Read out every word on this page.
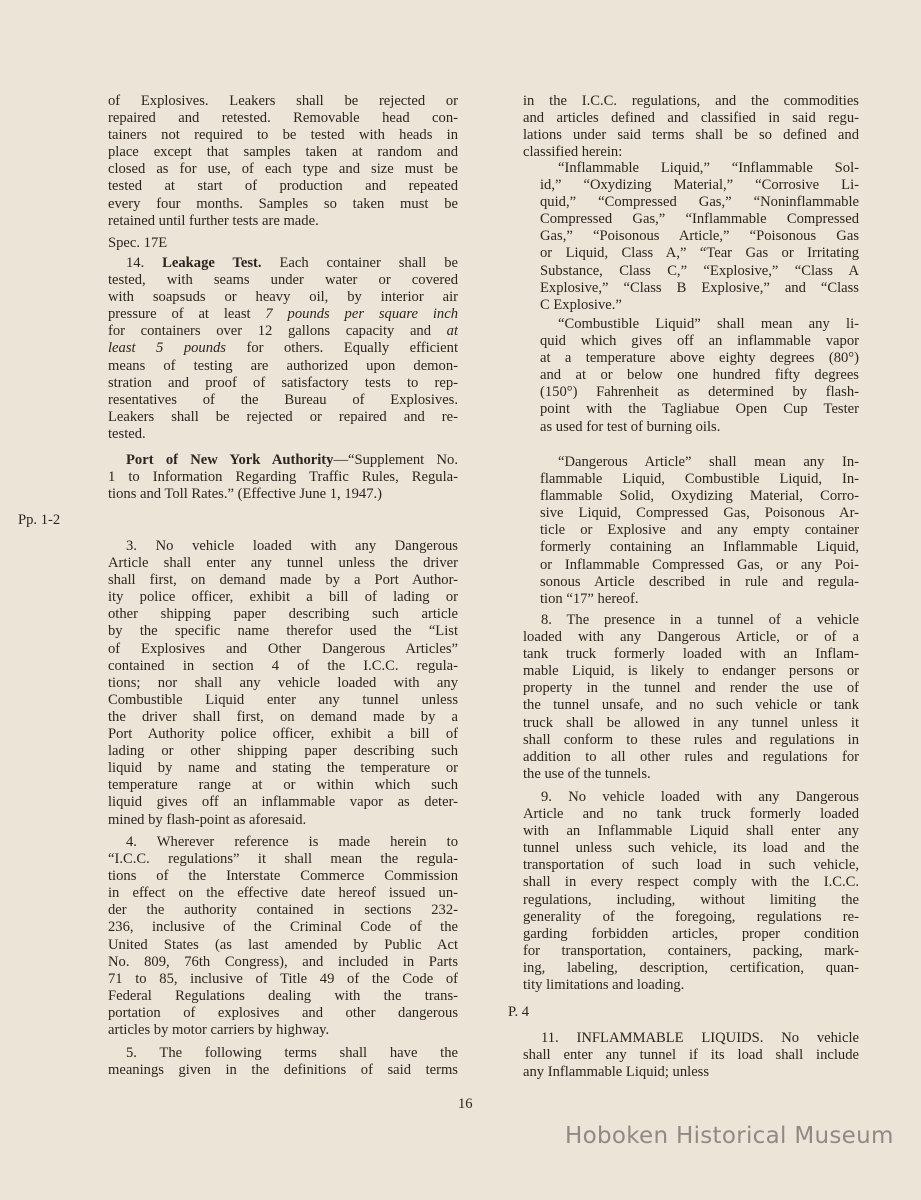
of Explosives. Leakers shall be rejected or
repaired and retested. Removable head con-
tainers not required to be tested with heads in
place except that samples taken at random and
closed as for use, of each type and size must be
tested at start of production and repeated
every four months. Samples so taken must be
retained until further tests are made.
Spec. 17E
14. Leakage Test. Each container shall be
tested, with seams under water or covered
with soapsuds or heavy oil, by interior air
pressure of at least 7 pounds per square inch
for containers over 12 gallons capacity and at
least 5 pounds for others. Equally efficient
means of testing are authorized upon demon-
stration and proof of satisfactory tests to rep-
resentatives of the Bureau of Explosives.
Leakers shall be rejected or repaired and re-
tested.
Port of New York Authority—“Supplement No.
1 to Information Regarding Traffic Rules, Regula-
tions and Toll Rates.” (Effective June 1, 1947.)
Pp. 1-2
3. No vehicle loaded with any Dangerous
Article shall enter any tunnel unless the driver
shall first, on demand made by a Port Author-
ity police officer, exhibit a bill of lading or
other shipping paper describing such article
by the specific name therefor used the “List
of Explosives and Other Dangerous Articles”
contained in section 4 of the I.C.C. regula-
tions; nor shall any vehicle loaded with any
Combustible Liquid enter any tunnel unless
the driver shall first, on demand made by a
Port Authority police officer, exhibit a bill of
lading or other shipping paper describing such
liquid by name and stating the temperature or
temperature range at or within which such
liquid gives off an inflammable vapor as deter-
mined by flash-point as aforesaid.
4. Wherever reference is made herein to
“I.C.C. regulations” it shall mean the regula-
tions of the Interstate Commerce Commission
in effect on the effective date hereof issued un-
der the authority contained in sections 232-
236, inclusive of the Criminal Code of the
United States (as last amended by Public Act
No. 809, 76th Congress), and included in Parts
71 to 85, inclusive of Title 49 of the Code of
Federal Regulations dealing with the trans-
portation of explosives and other dangerous
articles by motor carriers by highway.
5. The following terms shall have the
meanings given in the definitions of said terms
in the I.C.C. regulations, and the commodities
and articles defined and classified in said regu-
lations under said terms shall be so defined and
classified herein:
“Inflammable Liquid,” “Inflammable Sol-
id,” “Oxydizing Material,” “Corrosive Li-
quid,” “Compressed Gas,” “Noninflammable
Compressed Gas,” “Inflammable Compressed
Gas,” “Poisonous Article,” “Poisonous Gas
or Liquid, Class A,” “Tear Gas or Irritating
Substance, Class C,” “Explosive,” “Class A
Explosive,” “Class B Explosive,” and “Class
C Explosive.”
“Combustible Liquid” shall mean any li-
quid which gives off an inflammable vapor
at a temperature above eighty degrees (80°)
and at or below one hundred fifty degrees
(150°) Fahrenheit as determined by flash-
point with the Tagliabue Open Cup Tester
as used for test of burning oils.
“Dangerous Article” shall mean any In-
flammable Liquid, Combustible Liquid, In-
flammable Solid, Oxydizing Material, Corro-
sive Liquid, Compressed Gas, Poisonous Ar-
ticle or Explosive and any empty container
formerly containing an Inflammable Liquid,
or Inflammable Compressed Gas, or any Poi-
sonous Article described in rule and regula-
tion “17” hereof.
8. The presence in a tunnel of a vehicle
loaded with any Dangerous Article, or of a
tank truck formerly loaded with an Inflam-
mable Liquid, is likely to endanger persons or
property in the tunnel and render the use of
the tunnel unsafe, and no such vehicle or tank
truck shall be allowed in any tunnel unless it
shall conform to these rules and regulations in
addition to all other rules and regulations for
the use of the tunnels.
9. No vehicle loaded with any Dangerous
Article and no tank truck formerly loaded
with an Inflammable Liquid shall enter any
tunnel unless such vehicle, its load and the
transportation of such load in such vehicle,
shall in every respect comply with the I.C.C.
regulations, including, without limiting the
generality of the foregoing, regulations re-
garding forbidden articles, proper condition
for transportation, containers, packing, mark-
ing, labeling, description, certification, quan-
tity limitations and loading.
P. 4
11. INFLAMMABLE LIQUIDS. No vehicle
shall enter any tunnel if its load shall include
any Inflammable Liquid; unless
16
Hoboken Historical Museum
